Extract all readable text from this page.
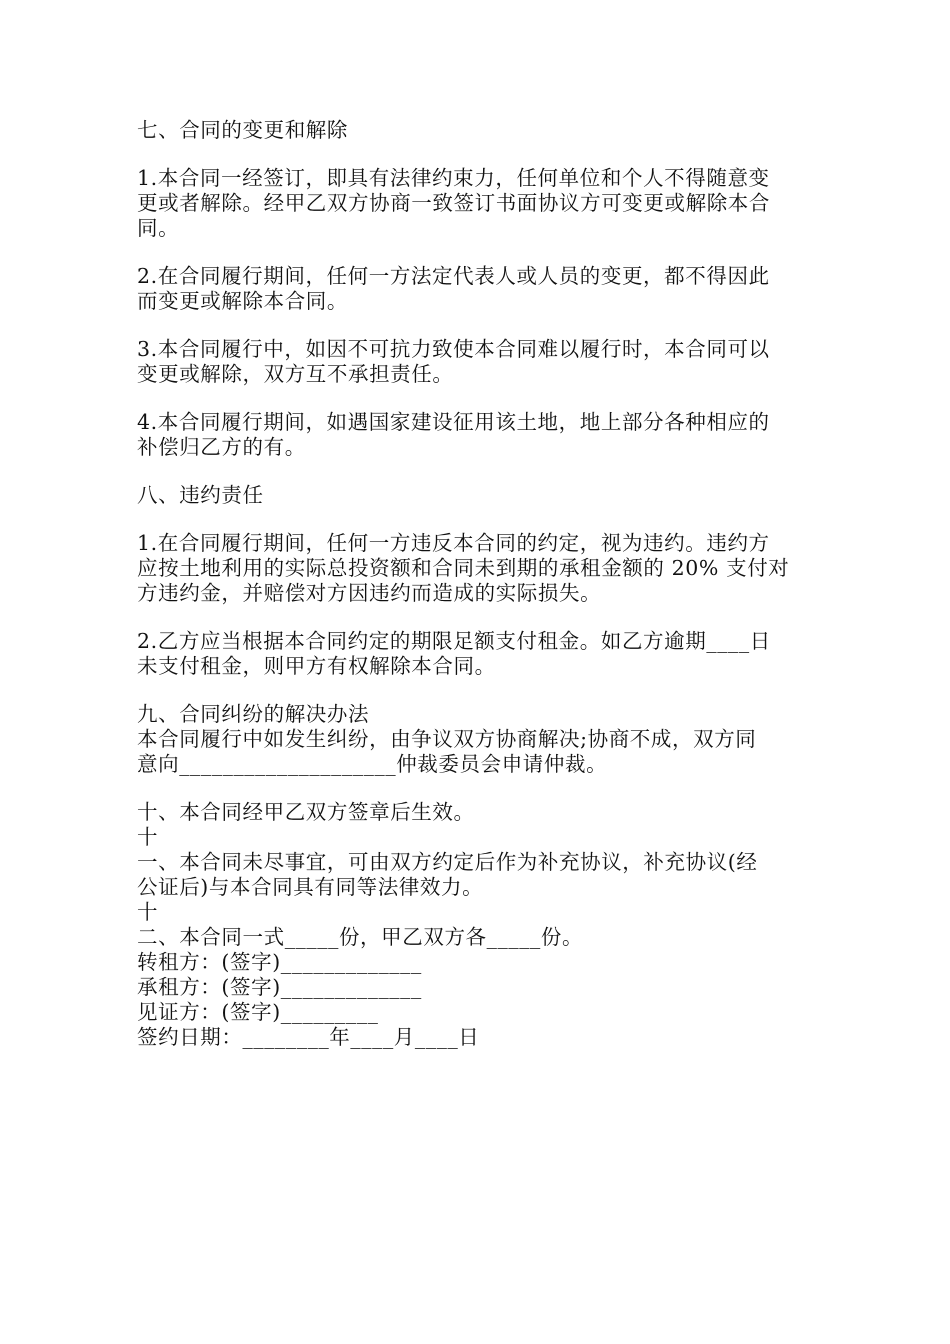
七、合同的变更和解除
1.本合同一经签订，即具有法律约束力，任何单位和个人不得随意变
更或者解除。经甲乙双方协商一致签订书面协议方可变更或解除本合
同。
2.在合同履行期间，任何一方法定代表人或人员的变更，都不得因此
而变更或解除本合同。
3.本合同履行中，如因不可抗力致使本合同难以履行时，本合同可以
变更或解除，双方互不承担责任。
4.本合同履行期间，如遇国家建设征用该土地，地上部分各种相应的
补偿归乙方的有。
八、违约责任
1.在合同履行期间，任何一方违反本合同的约定，视为违约。违约方
应按土地利用的实际总投资额和合同未到期的承租金额的 20% 支付对
方违约金，并赔偿对方因违约而造成的实际损失。
2.乙方应当根据本合同约定的期限足额支付租金。如乙方逾期____日
未支付租金，则甲方有权解除本合同。
九、合同纠纷的解决办法
本合同履行中如发生纠纷，由争议双方协商解决;协商不成，双方同
意向____________________仲裁委员会申请仲裁。
十、本合同经甲乙双方签章后生效。
十
一、本合同未尽事宜，可由双方约定后作为补充协议，补充协议(经
公证后)与本合同具有同等法律效力。
十
二、本合同一式_____份，甲乙双方各_____份。
转租方：(签字)_____________
承租方：(签字)_____________
见证方：(签字)_________
签约日期：________年____月____日
